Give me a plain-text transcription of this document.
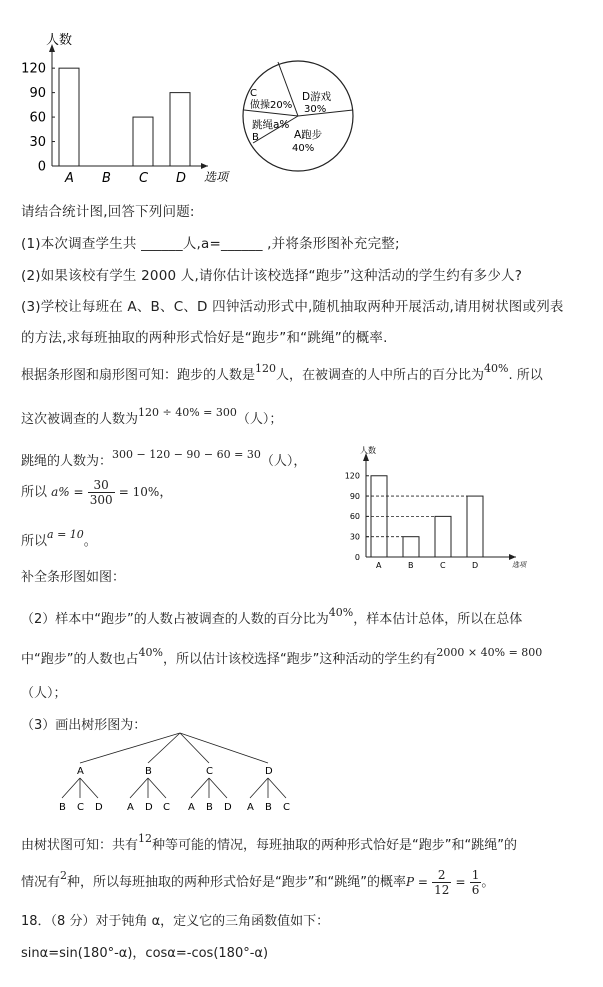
人数
选项
0
30
60
90
120
A B C D
C
做操20%
D游戏
30%
跳绳a%
B	A跑步
40%
请结合统计图,回答下列问题:
(1)本次调查学生共 ______人,a=______ ,并将条形图补充完整;
(2)如果该校有学生 2000 人,请你估计该校选择“跑步”这种活动的学生约有多少人?
(3)学校让每班在 A、B、C、D 四钟活动形式中,随机抽取两种开展活动,请用树状图或列表
的方法,求每班抽取的两种形式恰好是“跑步”和“跳绳”的概率.
根据条形图和扇形图可知：跑步的人数是$^{120}$人，在被调查的人中所占的百分比为$^{40\%}$. 所以
这次被调查的人数为$^{120 \div 40\% = 300}$（人）；
跳绳的人数为：$^{300 - 120 - 90 - 60 = 30}$（人），
所以 $a\% = \frac{30}{300} = 10\%$，
所以$^{a = 10}$。
补全条形图如图：
人数
选项
0
30
60
90
120
A	B	C	D
（2）样本中“跑步”的人数占被调查的人数的百分比为$^{40\%}$，样本估计总体，所以在总体
中“跑步”的人数也占$^{40\%}$，所以估计该校选择“跑步”这种活动的学生约有$^{2000 \times 40\% = 800}$
（人）；
（3）画出树形图为：
A
B C D
B
A D C
C
A B D
D
A B C
由树状图可知：共有$^{12}$种等可能的情况，每班抽取的两种形式恰好是“跑步”和“跳绳”的
情况有$^2$种，所以每班抽取的两种形式恰好是“跑步”和“跳绳”的概率$P = \frac{2}{12} = \frac{1}{6}$ 。
18．（8 分）对于钝角 α，定义它的三角函数值如下：
sinα=sin(180°-α)，cosα=-cos(180°-α)
